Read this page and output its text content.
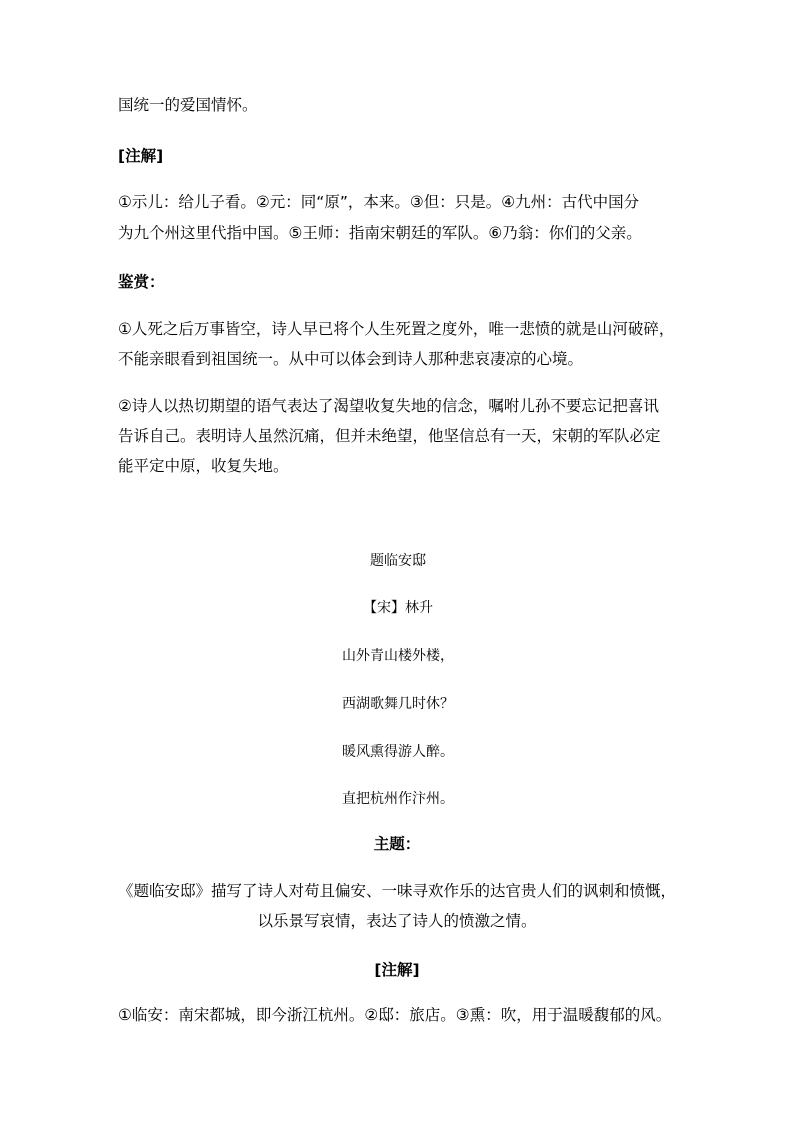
国统一的爱国情怀。

[注解]

①示儿：给儿子看。②元：同“原”，本来。③但：只是。④九州：古代中国分

为九个州这里代指中国。⑤王师：指南宋朝廷的军队。⑥乃翁：你们的父亲。

鉴赏：

①人死之后万事皆空，诗人早已将个人生死置之度外，唯一悲愤的就是山河破碎，

不能亲眼看到祖国统一。从中可以体会到诗人那种悲哀凄凉的心境。

②诗人以热切期望的语气表达了渴望收复失地的信念，嘱咐儿孙不要忘记把喜讯

告诉自己。表明诗人虽然沉痛，但并未绝望，他坚信总有一天，宋朝的军队必定

能平定中原，收复失地。

题临安邸

【宋】林升

山外青山楼外楼，

西湖歌舞几时休？

暖风熏得游人醉。

直把杭州作汴州。

主题：

《题临安邸》描写了诗人对苟且偏安、一味寻欢作乐的达官贵人们的讽刺和愤慨，

以乐景写哀情，表达了诗人的愤激之情。

[注解]

①临安：南宋都城，即今浙江杭州。②邸：旅店。③熏：吹，用于温暖馥郁的风。
